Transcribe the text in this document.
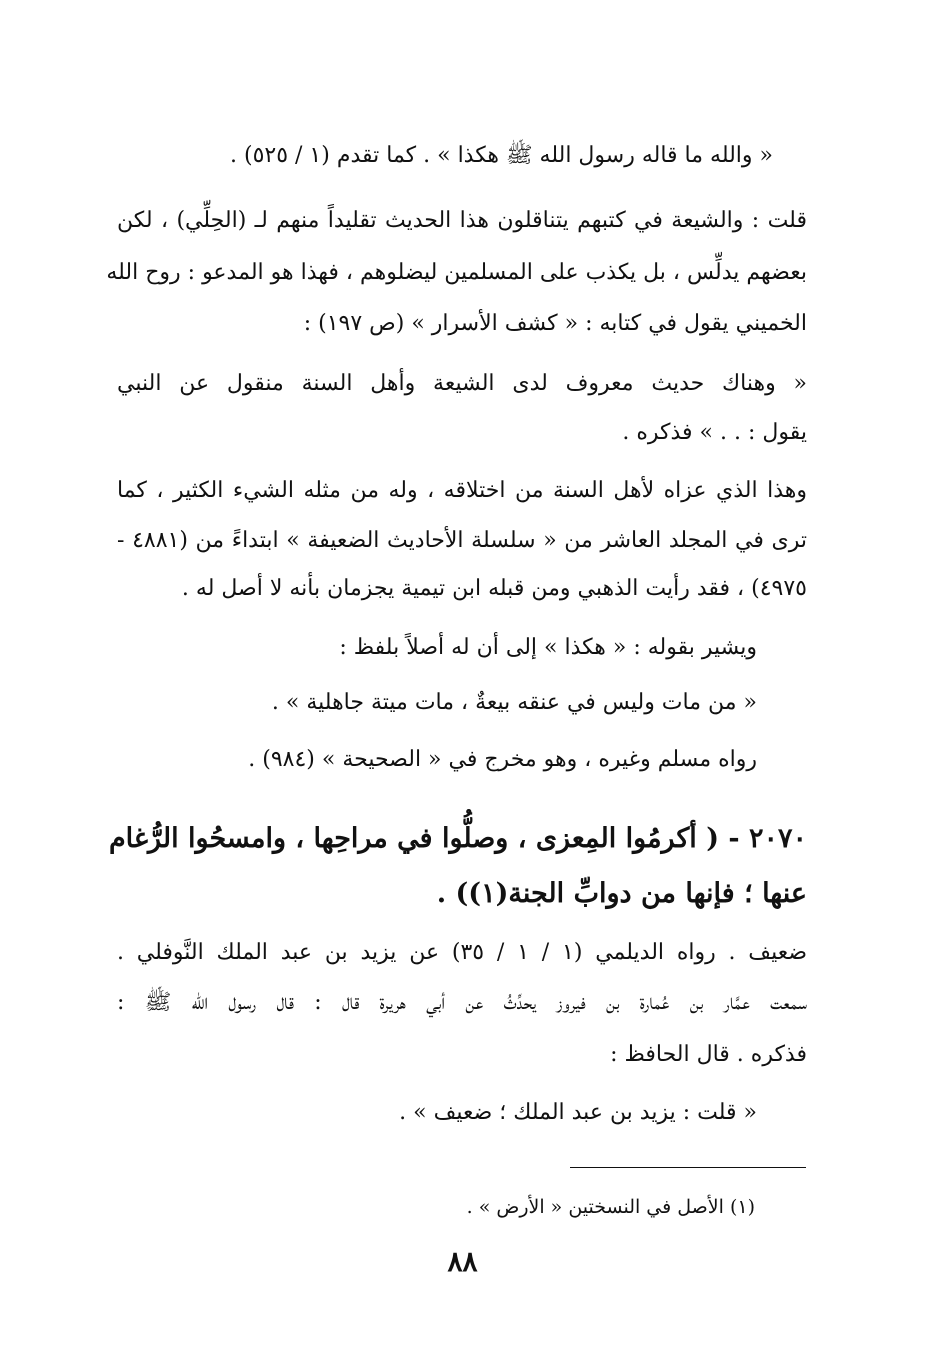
« والله ما قاله رسول الله ﷺ هكذا » . كما تقدم (١ / ٥٢٥) .
قلت : والشيعة في كتبهم يتناقلون هذا الحديث تقليداً منهم لـ (الحِلِّي) ، لكن
بعضهم يدلِّس ، بل يكذب على المسلمين ليضلوهم ، فهذا هو المدعو : روح الله
الخميني يقول في كتابه : « كشف الأسرار » (ص ١٩٧) :
« وهناك حديث معروف لدى الشيعة وأهل السنة منقول عن النبي
يقول : . . » فذكره .
وهذا الذي عزاه لأهل السنة من اختلاقه ، وله من مثله الشيء الكثير ، كما
ترى في المجلد العاشر من « سلسلة الأحاديث الضعيفة » ابتداءً من (٤٨٨١ -
٤٩٧٥) ، فقد رأيت الذهبي ومن قبله ابن تيمية يجزمان بأنه لا أصل له .
ويشير بقوله : « هكذا » إلى أن له أصلاً بلفظ :
« من مات وليس في عنقه بيعةٌ ، مات ميتة جاهلية » .
رواه مسلم وغيره ، وهو مخرج في « الصحيحة » (٩٨٤) .
٢٠٧٠ - ( أكرمُوا المِعزى ، وصلُّوا في مراحِها ، وامسحُوا الرُّغام
عنها ؛ فإنها من دوابِّ الجنة(١)) .
ضعيف . رواه الديلمي (١ / ١ / ٣٥) عن يزيد بن عبد الملك النَّوفلي .
سمعت عمَّار بن عُمارة بن فيروز يحدِّثُ عن أبي هريرة قال : قال رسول الله ﷺ :
فذكره . قال الحافظ :
« قلت : يزيد بن عبد الملك ؛ ضعيف » .
(١) الأصل في النسختين « الأرض » .
٨٨
